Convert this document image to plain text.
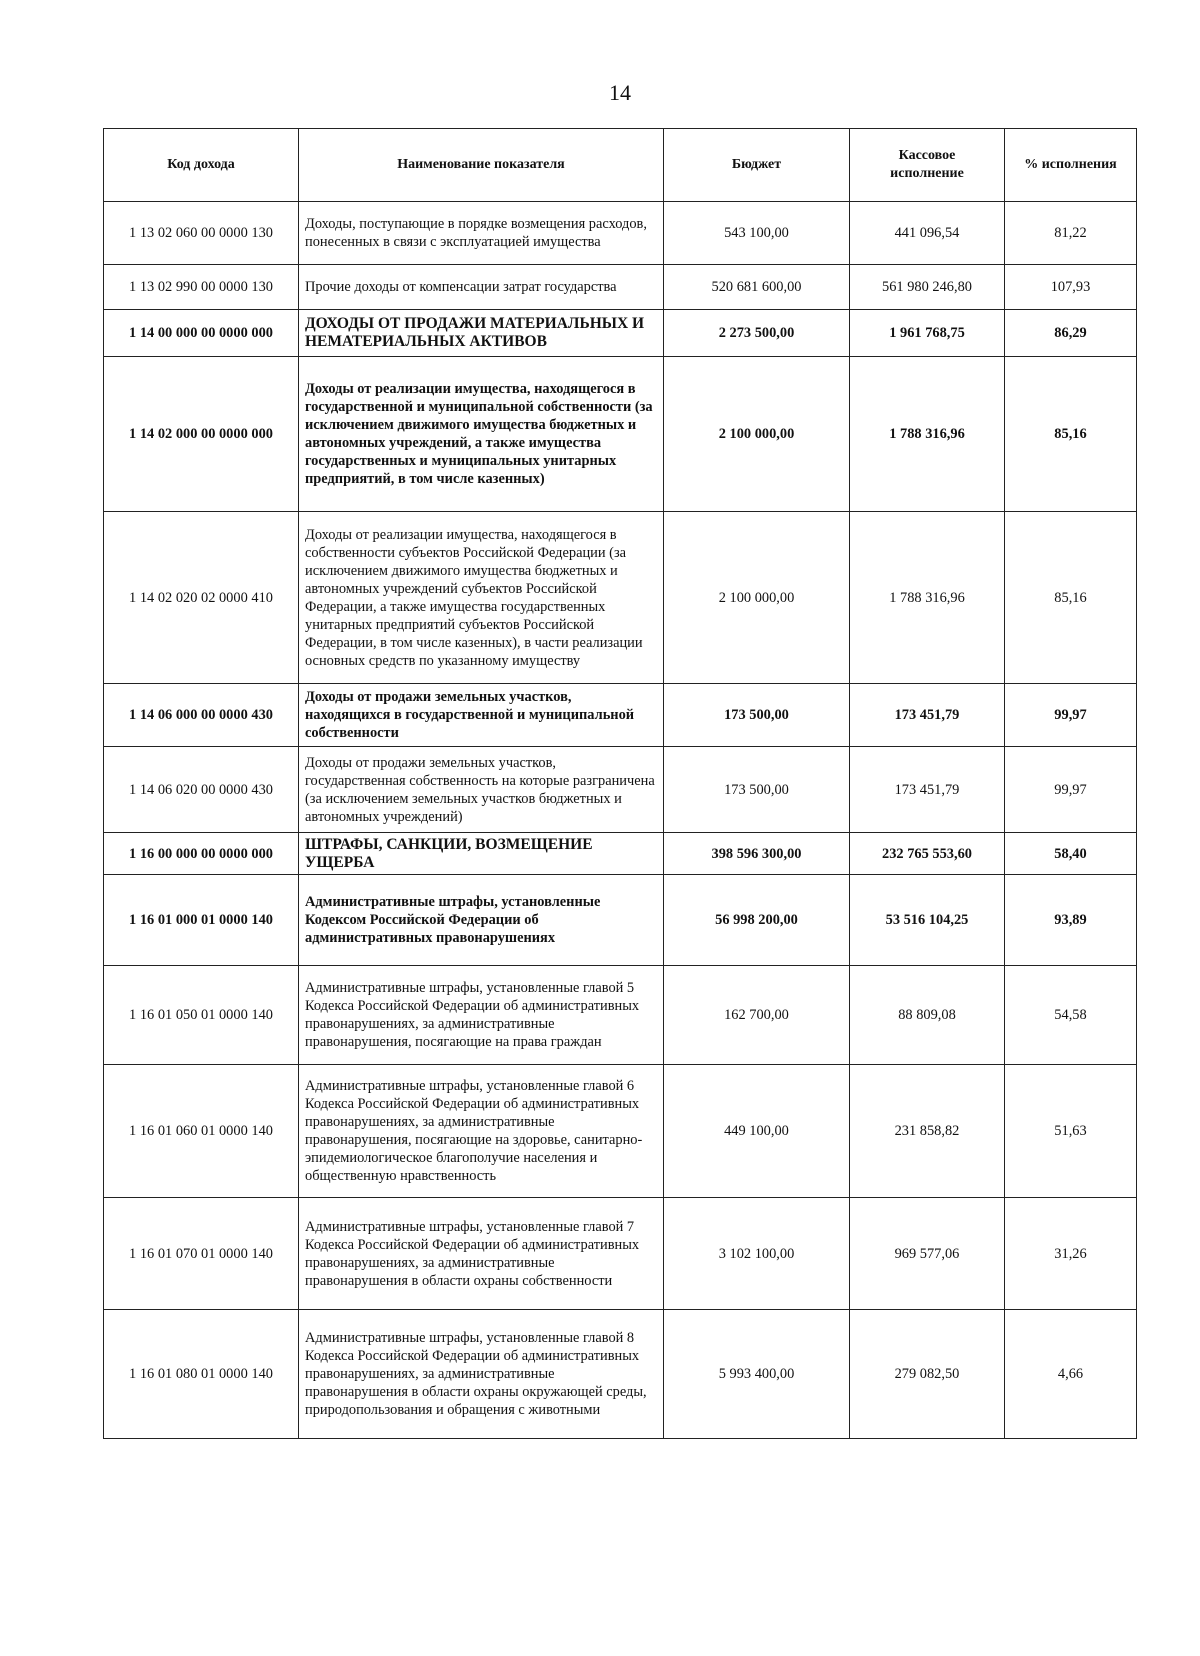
14
Код дохода	Наименование показателя	Бюджет	Кассовое исполнение	% исполнения
1 13 02 060 00 0000 130	Доходы, поступающие в порядке возмещения расходов, понесенных в связи с эксплуатацией имущества	543 100,00	441 096,54	81,22
1 13 02 990 00 0000 130	Прочие доходы от компенсации затрат государства	520 681 600,00	561 980 246,80	107,93
1 14 00 000 00 0000 000	ДОХОДЫ ОТ ПРОДАЖИ МАТЕРИАЛЬНЫХ И НЕМАТЕРИАЛЬНЫХ АКТИВОВ	2 273 500,00	1 961 768,75	86,29
1 14 02 000 00 0000 000	Доходы от реализации имущества, находящегося в государственной и муниципальной собственности (за исключением движимого имущества бюджетных и автономных учреждений, а также имущества государственных и муниципальных унитарных предприятий, в том числе казенных)	2 100 000,00	1 788 316,96	85,16
1 14 02 020 02 0000 410	Доходы от реализации имущества, находящегося в собственности субъектов Российской Федерации (за исключением движимого имущества бюджетных и автономных учреждений субъектов Российской Федерации, а также имущества государственных унитарных предприятий субъектов Российской Федерации, в том числе казенных), в части реализации основных средств по указанному имуществу	2 100 000,00	1 788 316,96	85,16
1 14 06 000 00 0000 430	Доходы от продажи земельных участков, находящихся в государственной и муниципальной собственности	173 500,00	173 451,79	99,97
1 14 06 020 00 0000 430	Доходы от продажи земельных участков, государственная собственность на которые разграничена (за исключением земельных участков бюджетных и автономных учреждений)	173 500,00	173 451,79	99,97
1 16 00 000 00 0000 000	ШТРАФЫ, САНКЦИИ, ВОЗМЕЩЕНИЕ УЩЕРБА	398 596 300,00	232 765 553,60	58,40
1 16 01 000 01 0000 140	Административные штрафы, установленные Кодексом Российской Федерации об административных правонарушениях	56 998 200,00	53 516 104,25	93,89
1 16 01 050 01 0000 140	Административные штрафы, установленные главой 5 Кодекса Российской Федерации об административных правонарушениях, за административные правонарушения, посягающие на права граждан	162 700,00	88 809,08	54,58
1 16 01 060 01 0000 140	Административные штрафы, установленные главой 6 Кодекса Российской Федерации об административных правонарушениях, за административные правонарушения, посягающие на здоровье, санитарно-эпидемиологическое благополучие населения и общественную нравственность	449 100,00	231 858,82	51,63
1 16 01 070 01 0000 140	Административные штрафы, установленные главой 7 Кодекса Российской Федерации об административных правонарушениях, за административные правонарушения в области охраны собственности	3 102 100,00	969 577,06	31,26
1 16 01 080 01 0000 140	Административные штрафы, установленные главой 8 Кодекса Российской Федерации об административных правонарушениях, за административные правонарушения в области охраны окружающей среды, природопользования и обращения с животными	5 993 400,00	279 082,50	4,66
